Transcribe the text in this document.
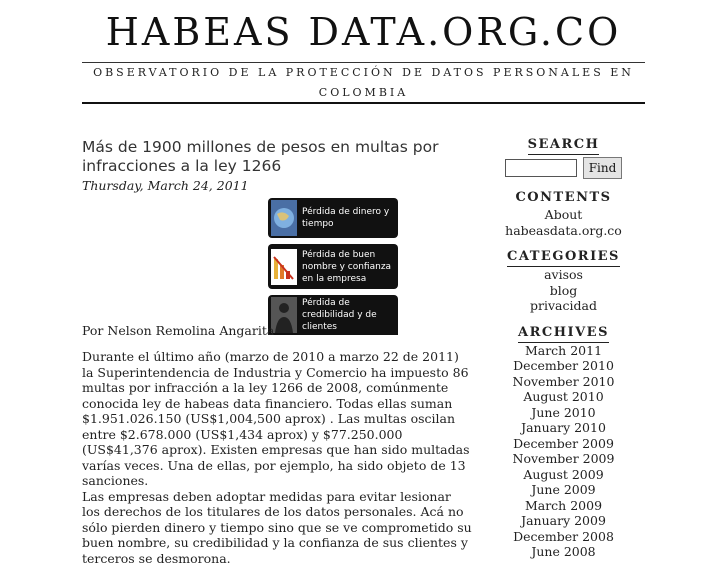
HABEAS DATA.ORG.CO
OBSERVATORIO DE LA PROTECCIÓN DE DATOS PERSONALES EN
COLOMBIA
Más de 1900 millones de pesos en multas por infracciones a la ley 1266
Thursday, March 24, 2011
Pérdida de dinero y tiempo
Pérdida de buen nombre y confianza en la empresa
Pérdida de credibilidad y de clientes
Por Nelson Remolina Angarita

Durante el último año (marzo de 2010 a marzo 22 de 2011) la Superintendencia de Industria y Comercio ha impuesto 86 multas por infracción a la ley 1266 de 2008, comúnmente conocida ley de habeas data financiero. Todas ellas suman $1.951.026.150 (US$1,004,500 aprox) . Las multas oscilan entre $2.678.000 (US$1,434 aprox) y $77.250.000 (US$41,376 aprox). Existen empresas que han sido multadas varías veces. Una de ellas, por ejemplo, ha sido objeto de 13 sanciones.

Las empresas deben adoptar medidas para evitar lesionar los derechos de los titulares de los datos personales. Acá no sólo pierden dinero y tiempo sino que se ve comprometido su buen nombre, su credibilidad y la confianza de sus clientes y terceros se desmorona.

SEARCH
Find
CONTENTS
About habeasdata.org.co
CATEGORIES
avisos
blog
privacidad
ARCHIVES
March 2011
December 2010
November 2010
August 2010
June 2010
January 2010
December 2009
November 2009
August 2009
June 2009
March 2009
January 2009
December 2008
June 2008
